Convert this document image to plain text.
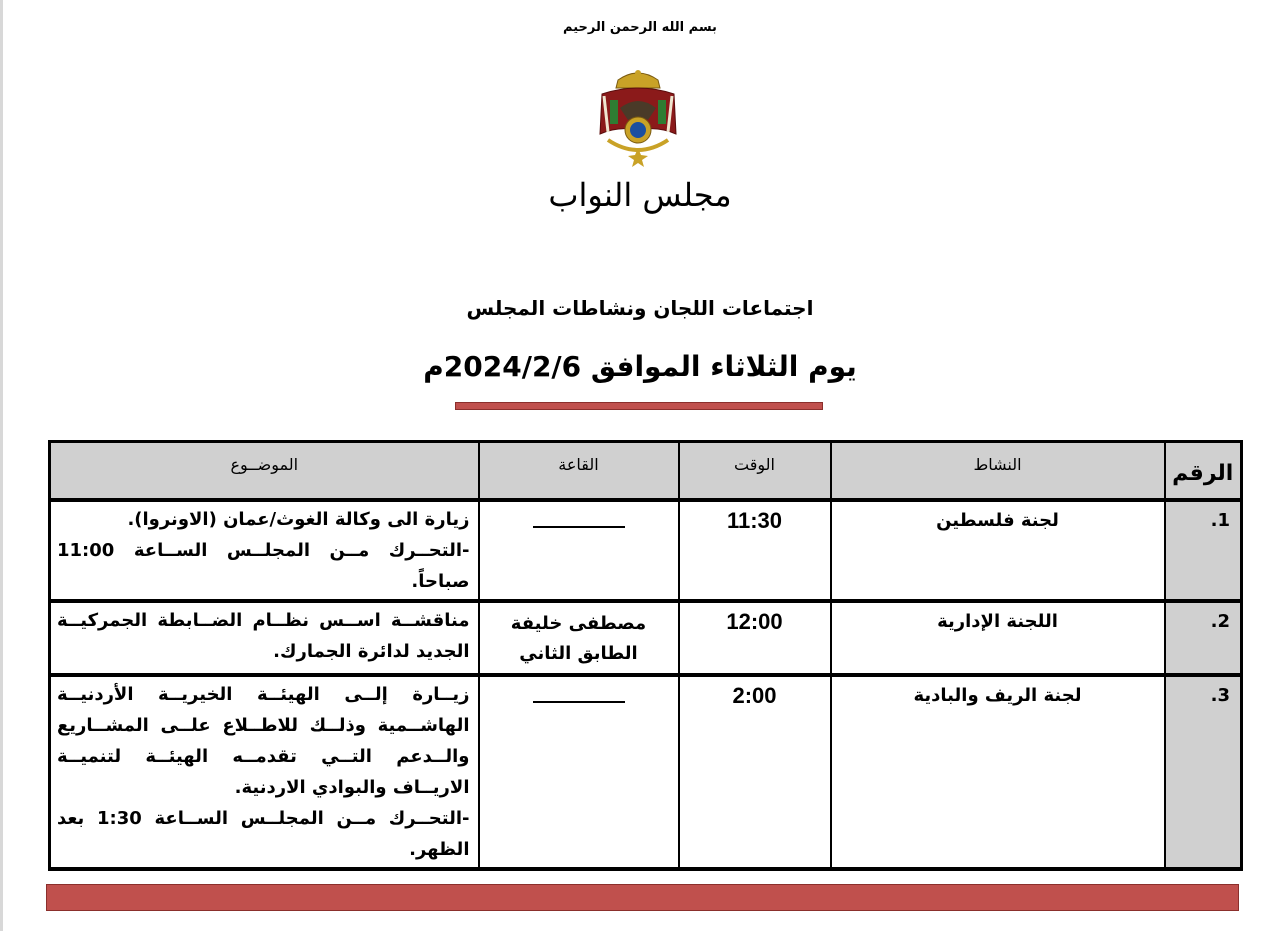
بسم الله الرحمن الرحيم
مجلس النواب
اجتماعات اللجان ونشاطات المجلس
يوم الثلاثاء الموافق 2024/2/6م
الرقم	النشاط	الوقت	القاعة	الموضــوع
1.	لجنة فلسطين	11:30		زيارة الى وكالة الغوث/عمان (الاونروا).
-التحــرك مــن المجلــس الســاعة 11:00 صباحاً.

2.	اللجنة الإدارية	12:00	مصطفى خليفة الطابق الثاني	مناقشــة اســس نظــام الضــابطة الجمركيــة الجديد لدائرة الجمارك.

3.	لجنة الريف والبادية	2:00		زيــارة إلــى الهيئــة الخيريــة الأردنيــة الهاشــمية وذلــك للاطــلاع علــى المشــاريع والــدعم التــي تقدمــه الهيئــة لتنميــة الاريــاف والبوادي الاردنية.
-التحــرك مــن المجلــس الســاعة 1:30 بعد الظهر.
